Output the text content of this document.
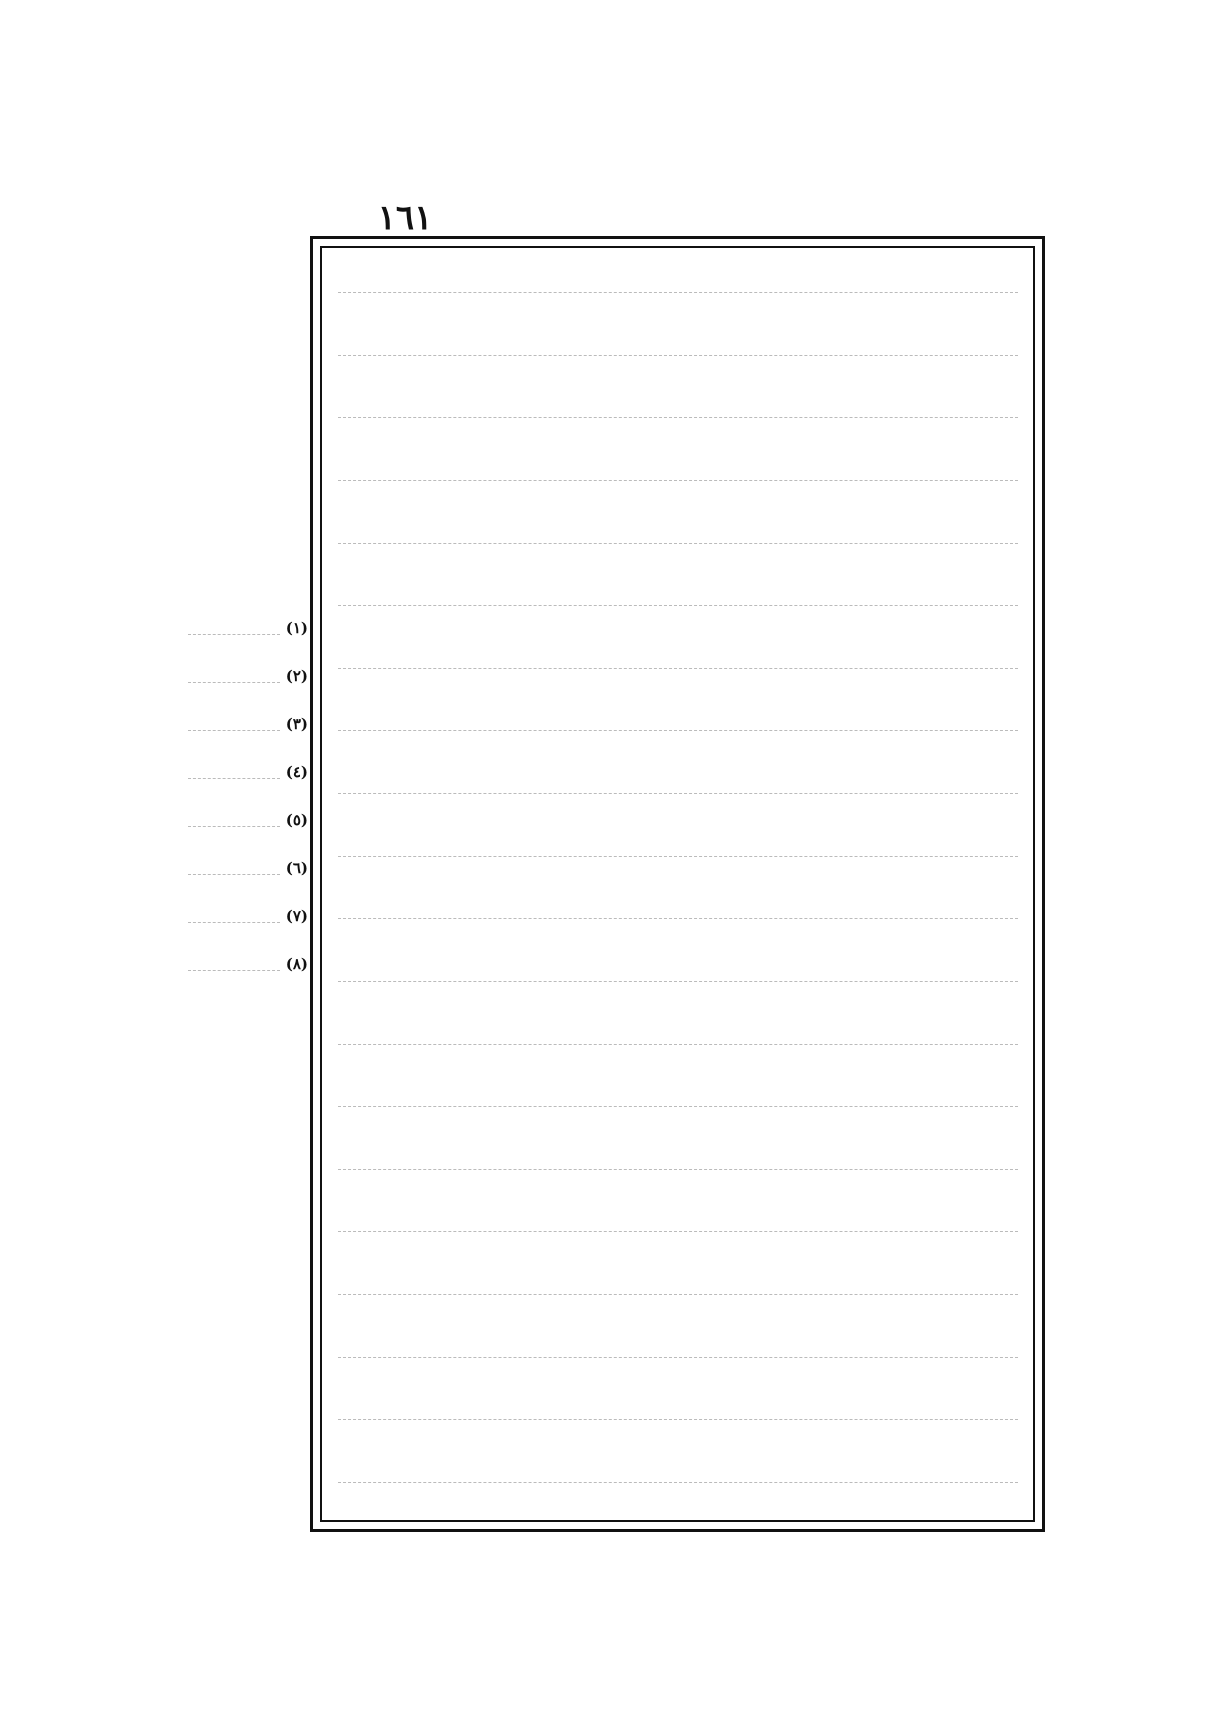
١٦١
(١)
(٢)
(٣)
(٤)
(٥)
(٦)
(٧)
(٨)
